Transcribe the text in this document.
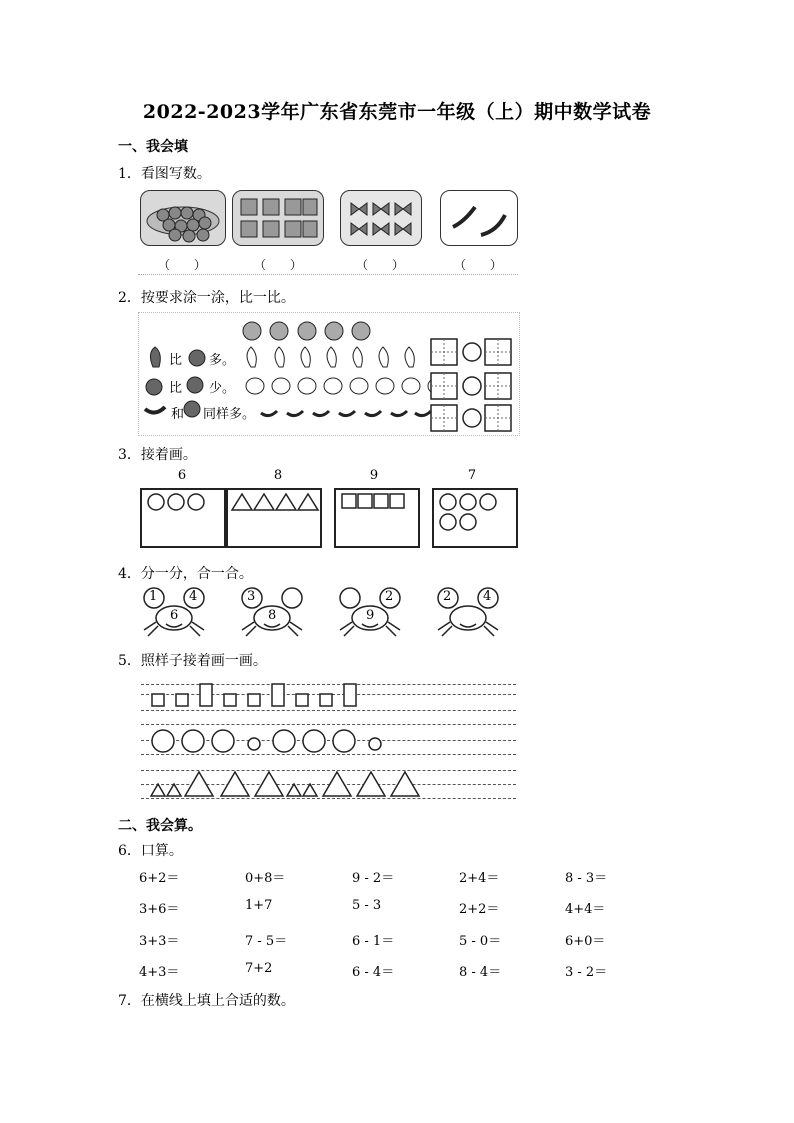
2022-2023学年广东省东莞市一年级（上）期中数学试卷
一、我会填
1．看图写数。
（　　）	（　　）	（　　）	（　　）
2．按要求涂一涂，比一比。
比 多。
比 少。
和 同样多。
3．接着画。
6	8	9	7
4．分一分，合一合。
1
6
4	3
8	9
2	2 4
5．照样子接着画一画。
二、我会算。
6．口算。
6+2＝	0+8＝	9 - 2＝	2+4＝	8 - 3＝
3+6＝	1+7	5 - 3	2+2＝	4+4＝
3+3＝	7 - 5＝	6 - 1＝	5 - 0＝	6+0＝
4+3＝	7+2	6 - 4＝	8 - 4＝	3 - 2＝
7．在横线上填上合适的数。
